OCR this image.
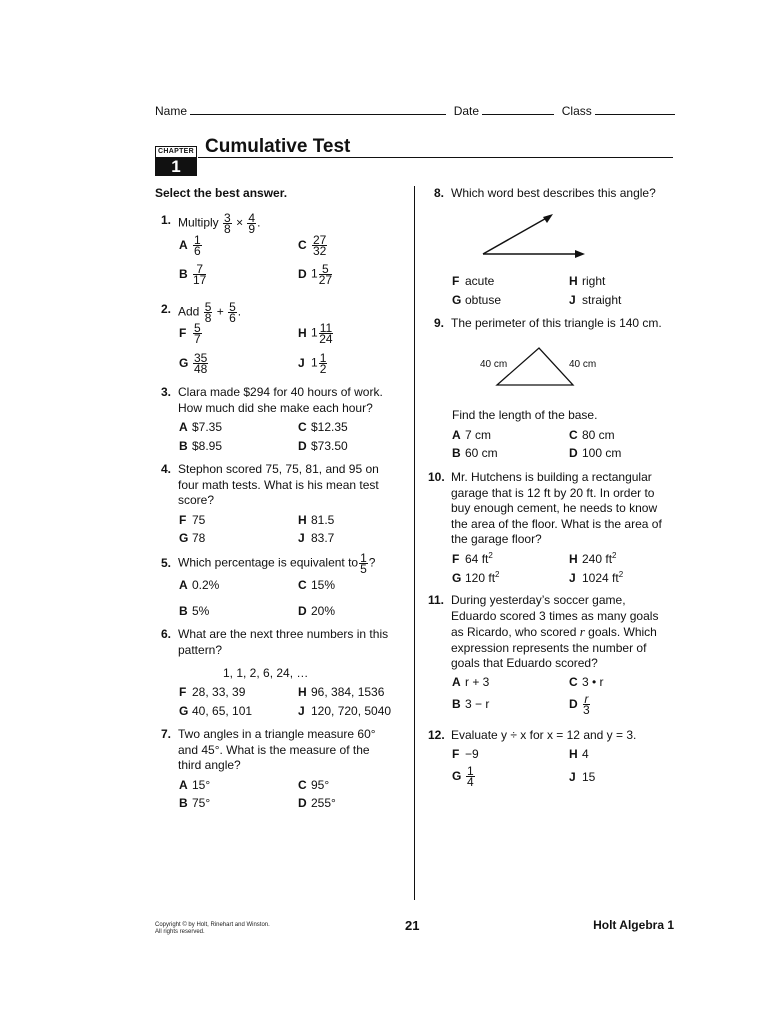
Name	Date	Class
CHAPTER
1
Cumulative Test
Select the best answer.
1. Multiply $\frac{3}{8} \times \frac{4}{9}$ .
A $\frac{1}{6}$	C $\frac{27}{32}$
B $\frac{7}{17}$	D $1 \frac{5}{27}$
2. Add $\frac{5}{8} + \frac{5}{6}$ .
F $\frac{5}{7}$	H $1 \frac{11}{24}$
G $\frac{35}{48}$	J $1 \frac{1}{2}$
3. Clara made $294 for 40 hours of work.
How much did she make each hour?
A $7.35	C $12.35
B $8.95	D $73.50
4. Stephon scored 75, 75, 81, and 95 on
four math tests. What is his mean test
score?
F 75	H 81.5
G 78	J 83.7
5. Which percentage is equivalent to $\frac{1}{5}$ ?
A 0.2%	C 15%
B 5%	D 20%
6. What are the next three numbers in this
pattern?
1, 1, 2, 6, 24, …
F 28, 33, 39	H 96, 384, 1536
G 40, 65, 101	J 120, 720, 5040
7. Two angles in a triangle measure 60°
and 45°. What is the measure of the
third angle?
A 15°	C 95°
B 75°	D 255°
8. Which word best describes this angle?
F acute	H right
G obtuse	J straight
9. The perimeter of this triangle is 140 cm.
40 cm	40 cm
Find the length of the base.
A 7 cm	C 80 cm
B 60 cm	D 100 cm
10. Mr. Hutchens is building a rectangular
garage that is 12 ft by 20 ft. In order to
buy enough cement, he needs to know
the area of the floor. What is the area of
the garage floor?
F 64 $ft^2$	H 240 $ft^2$
G 120 $ft^2$	J 1024 $ft^2$
11. During yesterday’s soccer game,
Eduardo scored 3 times as many goals
as Ricardo, who scored r goals. Which
expression represents the number of
goals that Eduardo scored?
A r + 3	C 3 • r
B 3 − r	D $\frac{r}{3}$
12. Evaluate y ÷ x for x = 12 and y = 3.
F −9	H 4
G $\frac{1}{4}$	J 15
Copyright © by Holt, Rinehart and Winston.
All rights reserved.	21	Holt Algebra 1
